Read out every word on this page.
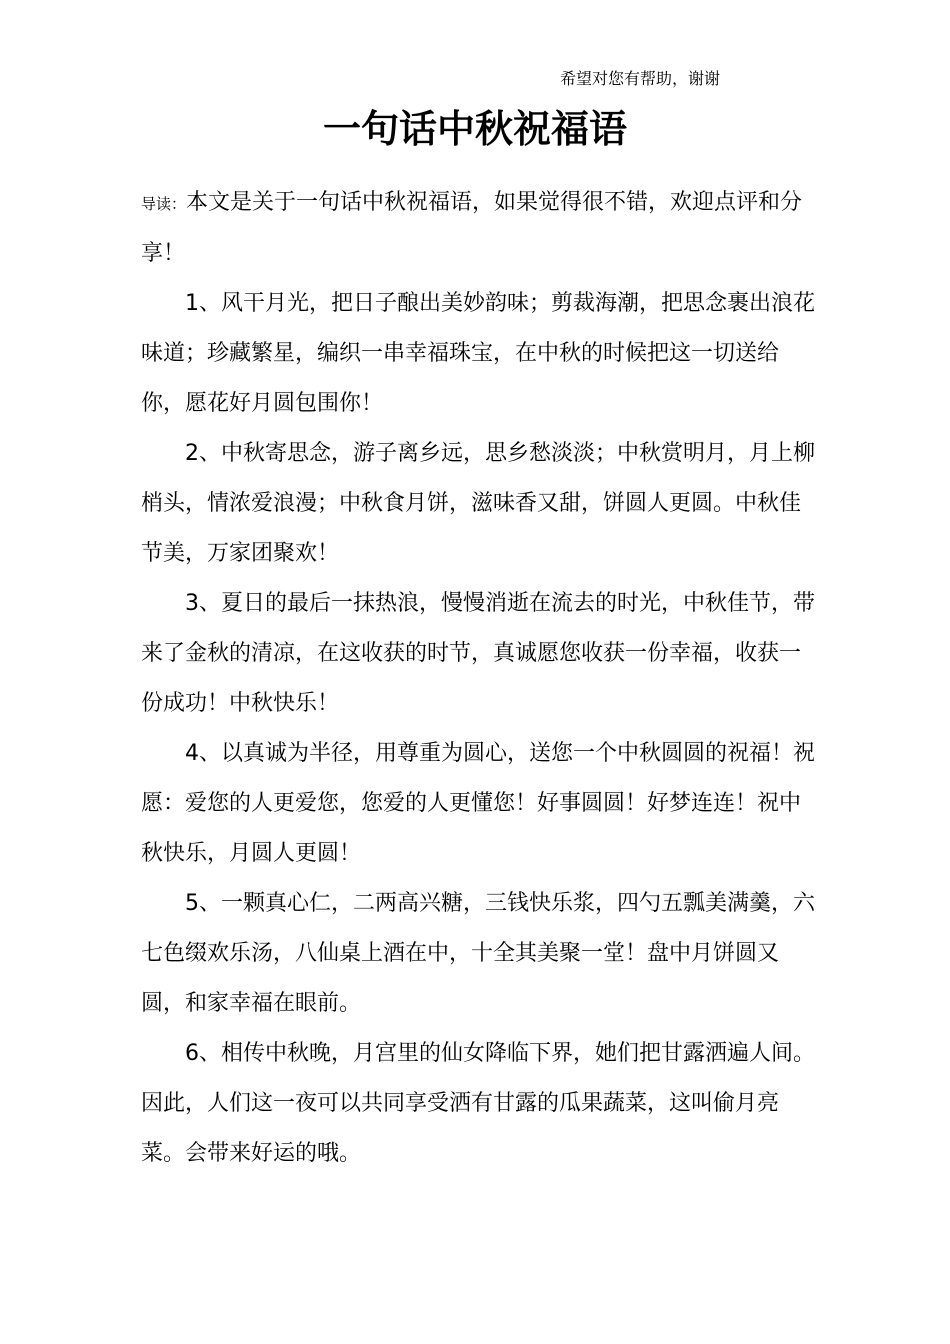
希望对您有帮助，谢谢
一句话中秋祝福语

导读：本文是关于一句话中秋祝福语，如果觉得很不错，欢迎点评和分享！

1、风干月光，把日子酿出美妙韵味；剪裁海潮，把思念裹出浪花味道；珍藏繁星，编织一串幸福珠宝，在中秋的时候把这一切送给你，愿花好月圆包围你！

2、中秋寄思念，游子离乡远，思乡愁淡淡；中秋赏明月，月上柳梢头，情浓爱浪漫；中秋食月饼，滋味香又甜，饼圆人更圆。中秋佳节美，万家团聚欢！

3、夏日的最后一抹热浪，慢慢消逝在流去的时光，中秋佳节，带来了金秋的清凉，在这收获的时节，真诚愿您收获一份幸福，收获一份成功！中秋快乐！

4、以真诚为半径，用尊重为圆心，送您一个中秋圆圆的祝福！祝愿：爱您的人更爱您，您爱的人更懂您！好事圆圆！好梦连连！祝中秋快乐，月圆人更圆！

5、一颗真心仁，二两高兴糖，三钱快乐浆，四勺五瓢美满羹，六七色缀欢乐汤，八仙桌上酒在中，十全其美聚一堂！盘中月饼圆又圆，和家幸福在眼前。

6、相传中秋晚，月宫里的仙女降临下界，她们把甘露洒遍人间。因此，人们这一夜可以共同享受洒有甘露的瓜果蔬菜，这叫偷月亮菜。会带来好运的哦。
